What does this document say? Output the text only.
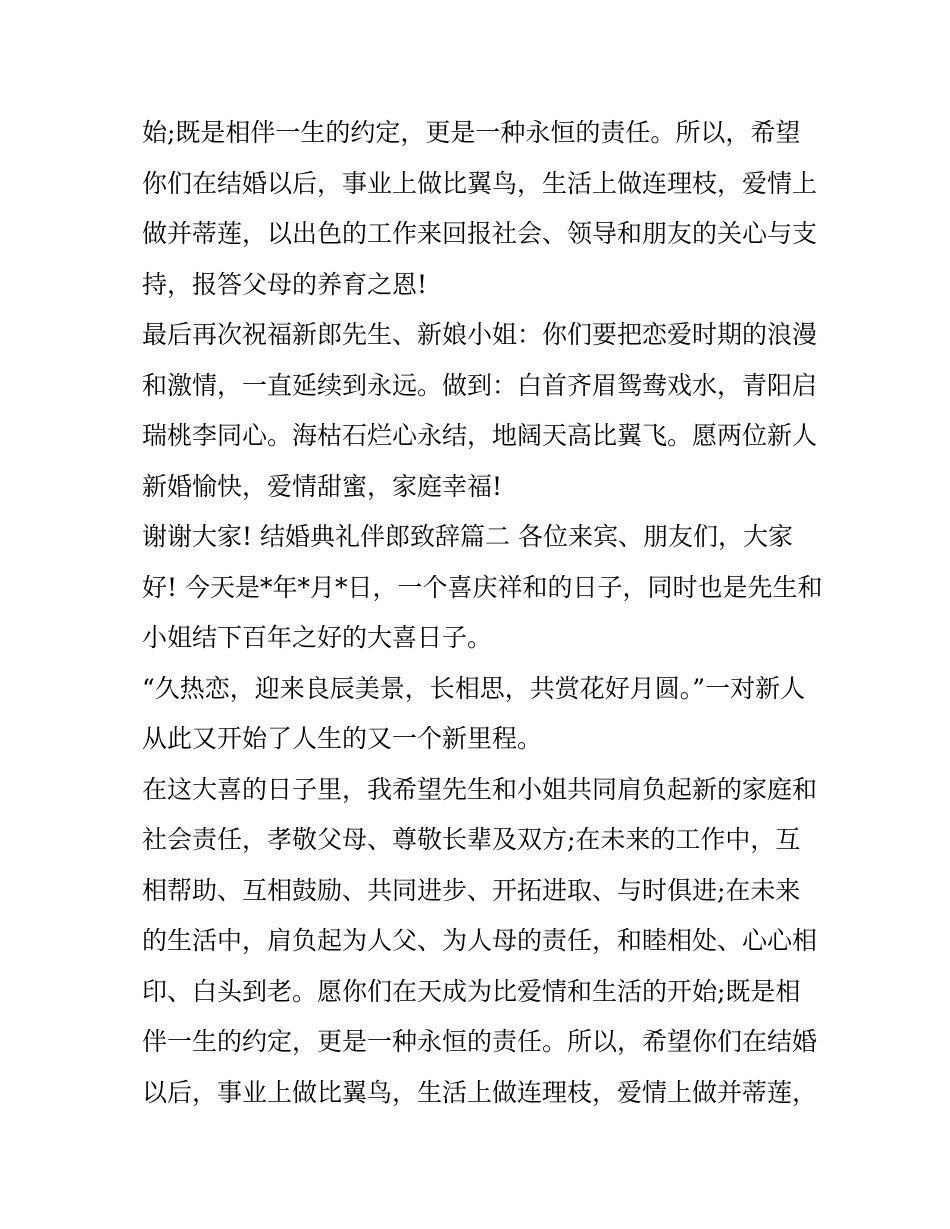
始;既是相伴一生的约定，更是一种永恒的责任。所以，希望
你们在结婚以后，事业上做比翼鸟，生活上做连理枝，爱情上
做并蒂莲，以出色的工作来回报社会、领导和朋友的关心与支
持，报答父母的养育之恩!
最后再次祝福新郎先生、新娘小姐：你们要把恋爱时期的浪漫
和激情，一直延续到永远。做到：白首齐眉鸳鸯戏水，青阳启
瑞桃李同心。海枯石烂心永结，地阔天高比翼飞。愿两位新人
新婚愉快，爱情甜蜜，家庭幸福!
谢谢大家! 结婚典礼伴郎致辞篇二 各位来宾、朋友们，大家
好! 今天是*年*月*日，一个喜庆祥和的日子，同时也是先生和
小姐结下百年之好的大喜日子。
“久热恋，迎来良辰美景，长相思，共赏花好月圆。”一对新人
从此又开始了人生的又一个新里程。
在这大喜的日子里，我希望先生和小姐共同肩负起新的家庭和
社会责任，孝敬父母、尊敬长辈及双方;在未来的工作中，互
相帮助、互相鼓励、共同进步、开拓进取、与时俱进;在未来
的生活中，肩负起为人父、为人母的责任，和睦相处、心心相
印、白头到老。愿你们在天成为比爱情和生活的开始;既是相
伴一生的约定，更是一种永恒的责任。所以，希望你们在结婚
以后，事业上做比翼鸟，生活上做连理枝，爱情上做并蒂莲，
